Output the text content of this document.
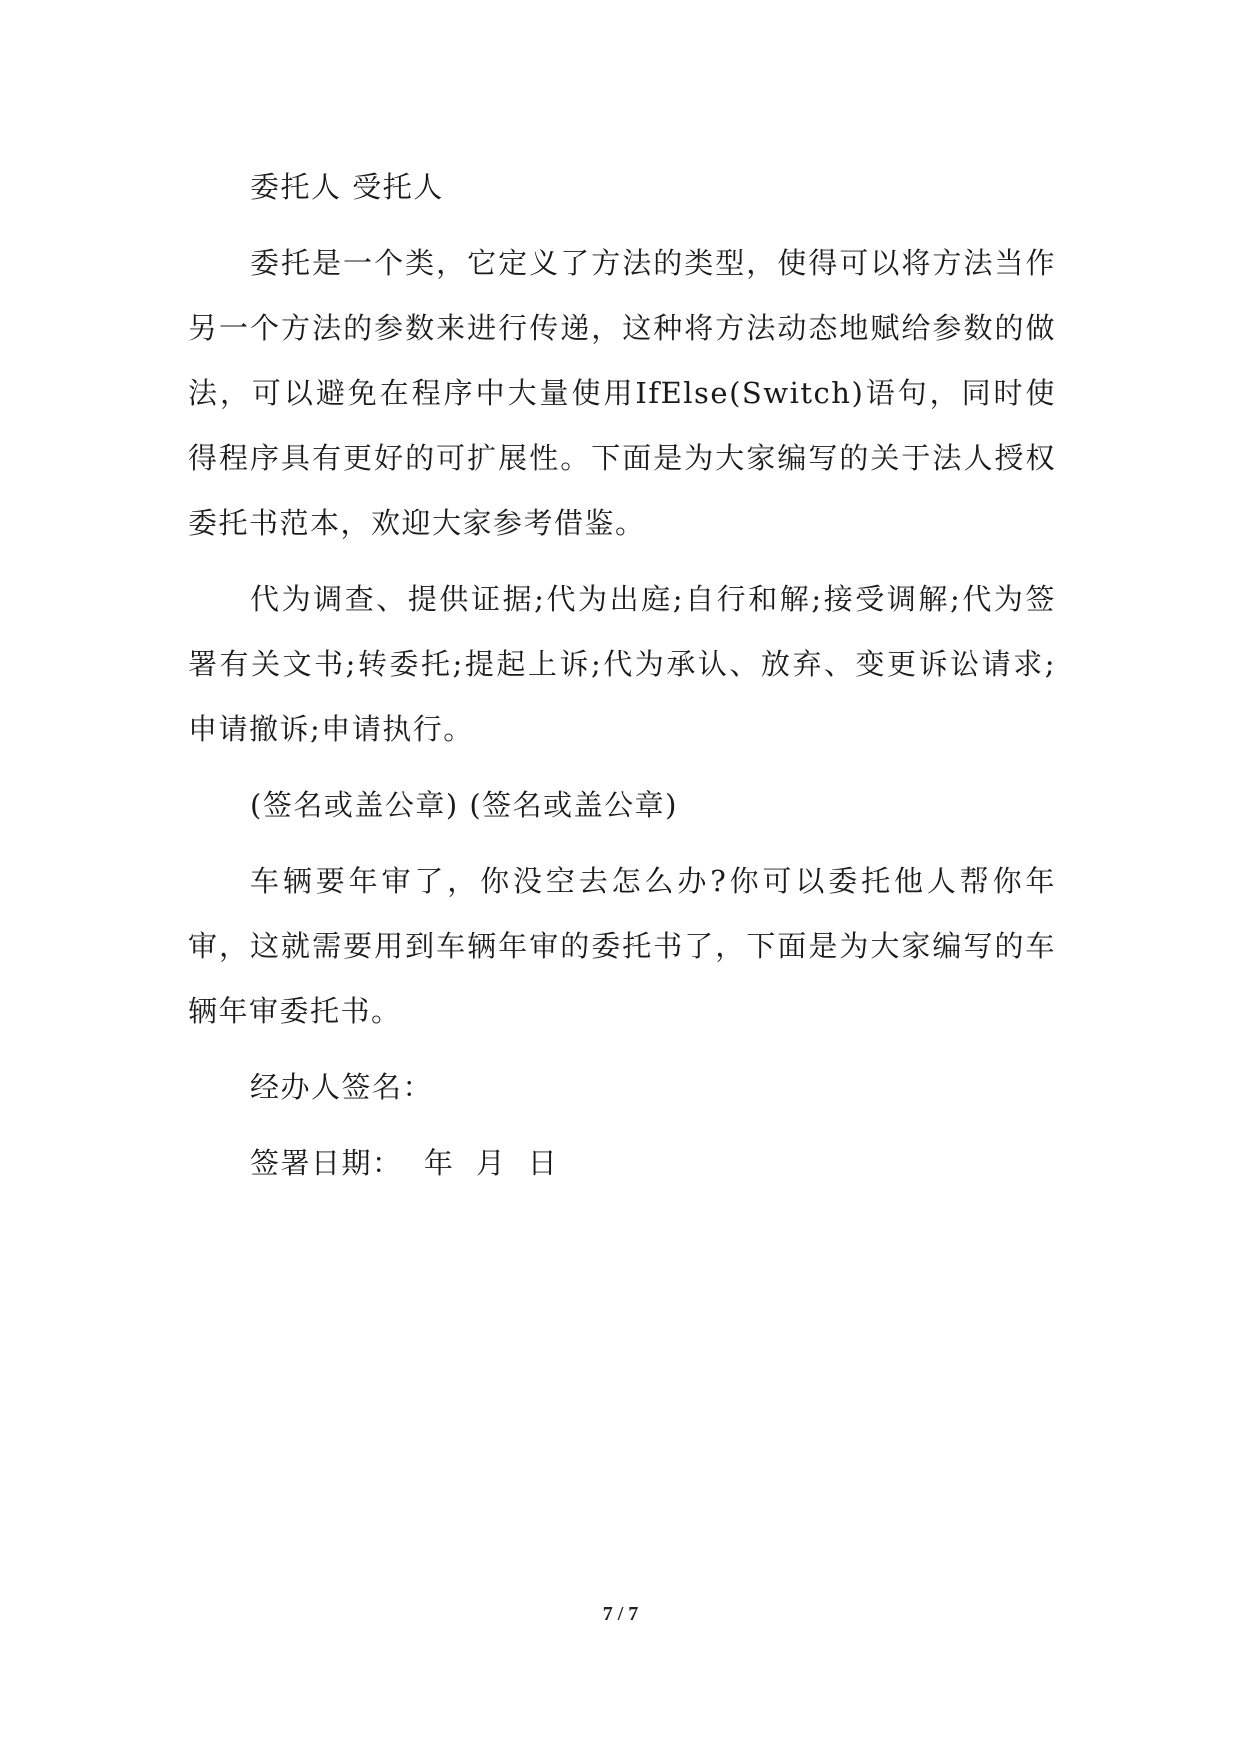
委托人 受托人

委托是一个类，它定义了方法的类型，使得可以将方法当作另一个方法的参数来进行传递，这种将方法动态地赋给参数的做法，可以避免在程序中大量使用IfElse(Switch)语句，同时使得程序具有更好的可扩展性。下面是为大家编写的关于法人授权委托书范本，欢迎大家参考借鉴。

代为调查、提供证据;代为出庭;自行和解;接受调解;代为签署有关文书;转委托;提起上诉;代为承认、放弃、变更诉讼请求;申请撤诉;申请执行。

(签名或盖公章) (签名或盖公章)

车辆要年审了，你没空去怎么办?你可以委托他人帮你年审，这就需要用到车辆年审的委托书了，下面是为大家编写的车辆年审委托书。

经办人签名：

签署日期：  年  月  日

7 / 7
